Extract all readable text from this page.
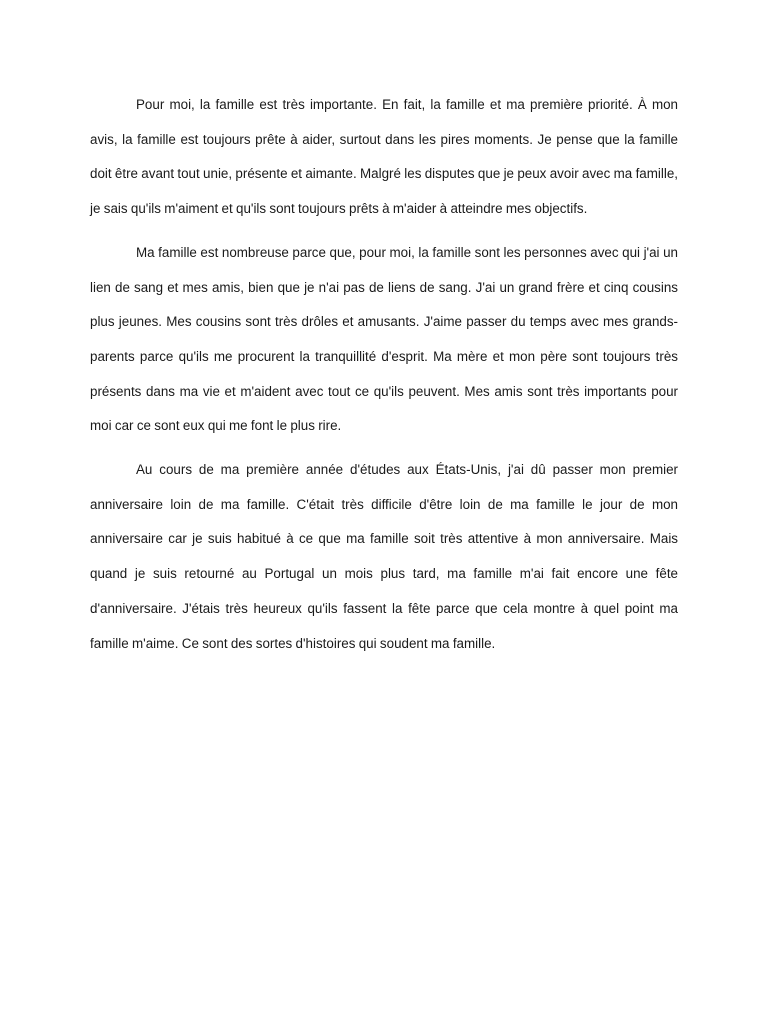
Pour moi, la famille est très importante. En fait, la famille et ma première priorité. À mon avis, la famille est toujours prête à aider, surtout dans les pires moments. Je pense que la famille doit être avant tout unie, présente et aimante. Malgré les disputes que je peux avoir avec ma famille, je sais qu'ils m'aiment et qu'ils sont toujours prêts à m'aider à atteindre mes objectifs.

Ma famille est nombreuse parce que, pour moi, la famille sont les personnes avec qui j'ai un lien de sang et mes amis, bien que je n'ai pas de liens de sang. J'ai un grand frère et cinq cousins plus jeunes. Mes cousins sont très drôles et amusants. J'aime passer du temps avec mes grands-parents parce qu'ils me procurent la tranquillité d'esprit. Ma mère et mon père sont toujours très présents dans ma vie et m'aident avec tout ce qu'ils peuvent. Mes amis sont très importants pour moi car ce sont eux qui me font le plus rire.

Au cours de ma première année d'études aux États-Unis, j'ai dû passer mon premier anniversaire loin de ma famille. C'était très difficile d'être loin de ma famille le jour de mon anniversaire car je suis habitué à ce que ma famille soit très attentive à mon anniversaire. Mais quand je suis retourné au Portugal un mois plus tard, ma famille m'ai fait encore une fête d'anniversaire. J'étais très heureux qu'ils fassent la fête parce que cela montre à quel point ma famille m'aime. Ce sont des sortes d'histoires qui soudent ma famille.
